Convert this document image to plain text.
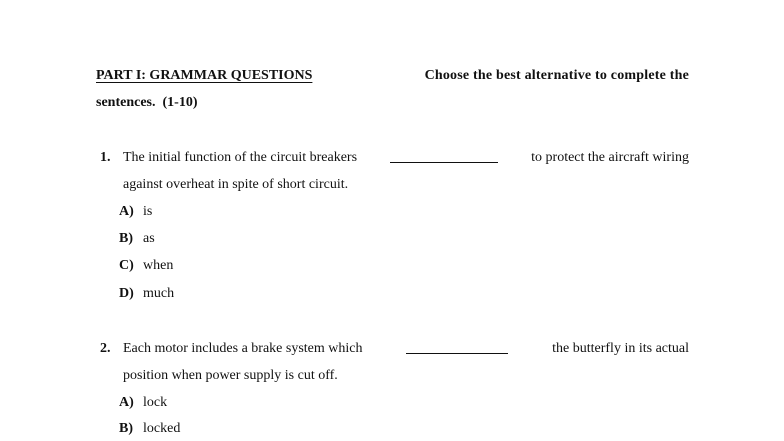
PART I: GRAMMAR QUESTIONS	Choose the best alternative to complete the
sentences. (1-10)
1. The initial function of the circuit breakers	to protect the aircraft wiring
against overheat in spite of short circuit.
A) is
B) as
C) when
D) much
2. Each motor includes a brake system which	the butterfly in its actual
position when power supply is cut off.
A) lock
B) locked
